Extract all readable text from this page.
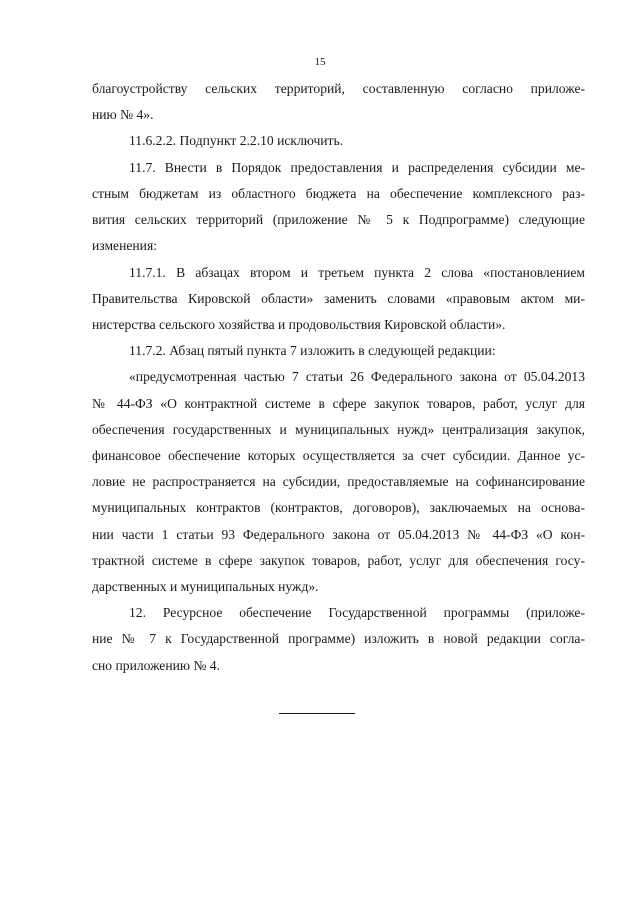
15
благоустройству сельских территорий, составленную согласно приложе-
нию № 4».
11.6.2.2. Подпункт 2.2.10 исключить.
11.7. Внести в Порядок предоставления и распределения субсидии ме-
стным бюджетам из областного бюджета на обеспечение комплексного раз-
вития сельских территорий (приложение № 5 к Подпрограмме) следующие
изменения:
11.7.1. В абзацах втором и третьем пункта 2 слова «постановлением
Правительства Кировской области» заменить словами «правовым актом ми-
нистерства сельского хозяйства и продовольствия Кировской области».
11.7.2. Абзац пятый пункта 7 изложить в следующей редакции:
«предусмотренная частью 7 статьи 26 Федерального закона от 05.04.2013
№ 44-ФЗ «О контрактной системе в сфере закупок товаров, работ, услуг для
обеспечения государственных и муниципальных нужд» централизация закупок,
финансовое обеспечение которых осуществляется за счет субсидии. Данное ус-
ловие не распространяется на субсидии, предоставляемые на софинансирование
муниципальных контрактов (контрактов, договоров), заключаемых на основа-
нии части 1 статьи 93 Федерального закона от 05.04.2013 № 44-ФЗ «О кон-
трактной системе в сфере закупок товаров, работ, услуг для обеспечения госу-
дарственных и муниципальных нужд».
12. Ресурсное обеспечение Государственной программы (приложе-
ние № 7 к Государственной программе) изложить в новой редакции согла-
сно приложению № 4.
